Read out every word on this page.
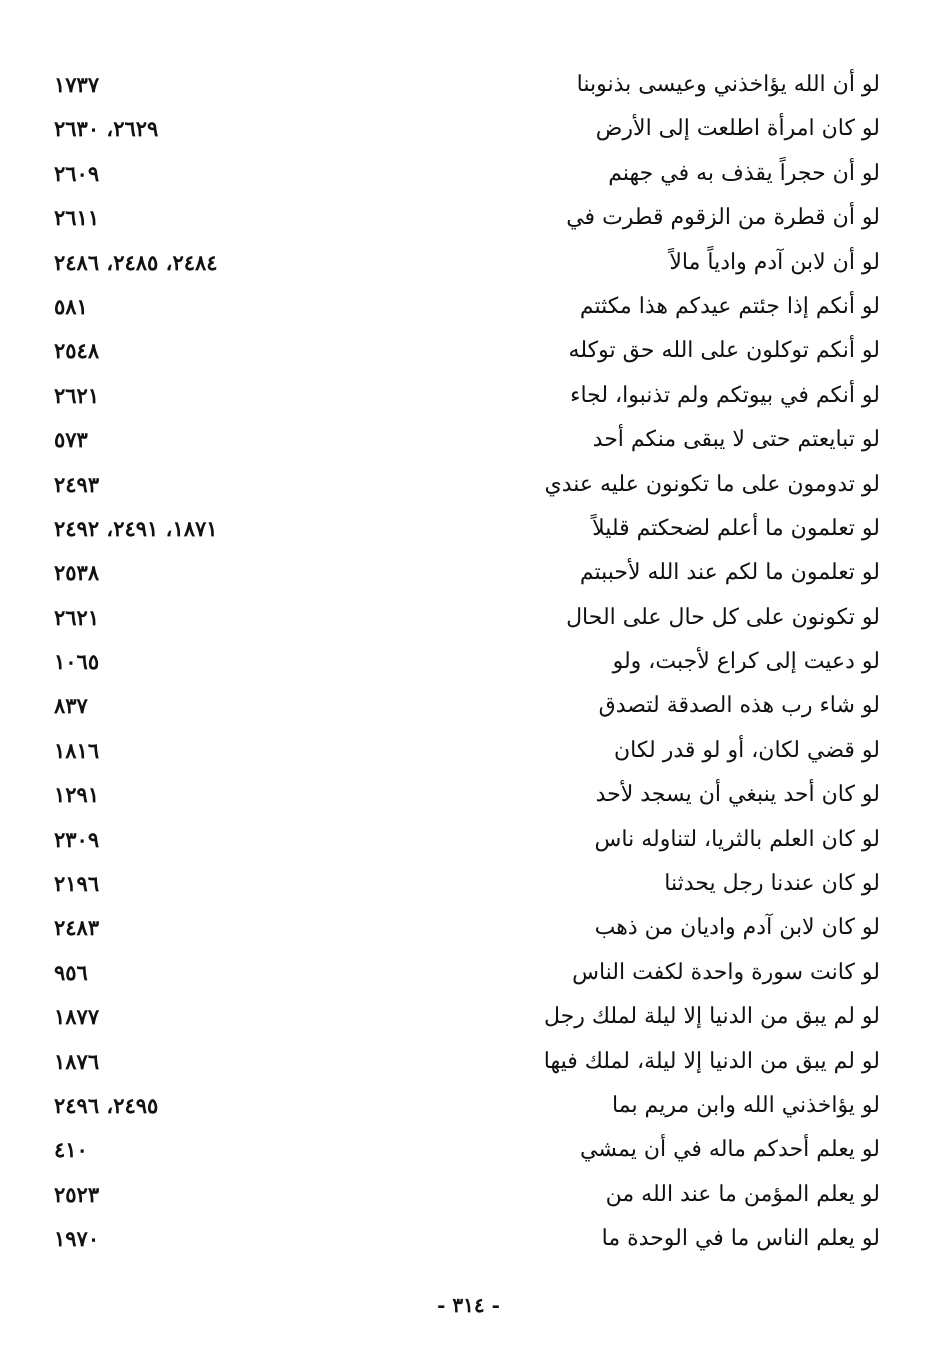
لو أن الله يؤاخذني وعيسى بذنوبنا
١٧٣٧
لو كان امرأة اطلعت إلى الأرض
٢٦٢٩، ٢٦٣٠
لو أن حجراً يقذف به في جهنم
٢٦٠٩
لو أن قطرة من الزقوم قطرت في
٢٦١١
لو أن لابن آدم وادياً مالاً
٢٤٨٤، ٢٤٨٥، ٢٤٨٦
لو أنكم إذا جئتم عيدكم هذا مكثتم
٥٨١
لو أنكم توكلون على الله حق توكله
٢٥٤٨
لو أنكم في بيوتكم ولم تذنبوا، لجاء
٢٦٢١
لو تبايعتم حتى لا يبقى منكم أحد
٥٧٣
لو تدومون على ما تكونون عليه عندي
٢٤٩٣
لو تعلمون ما أعلم لضحكتم قليلاً
١٨٧١، ٢٤٩١، ٢٤٩٢
لو تعلمون ما لكم عند الله لأحببتم
٢٥٣٨
لو تكونون على كل حال على الحال
٢٦٢١
لو دعيت إلى كراع لأجبت، ولو
١٠٦٥
لو شاء رب هذه الصدقة لتصدق
٨٣٧
لو قضي لكان، أو لو قدر لكان
١٨١٦
لو كان أحد ينبغي أن يسجد لأحد
١٢٩١
لو كان العلم بالثريا، لتناوله ناس
٢٣٠٩
لو كان عندنا رجل يحدثنا
٢١٩٦
لو كان لابن آدم واديان من ذهب
٢٤٨٣
لو كانت سورة واحدة لكفت الناس
٩٥٦
لو لم يبق من الدنيا إلا ليلة لملك رجل
١٨٧٧
لو لم يبق من الدنيا إلا ليلة، لملك فيها
١٨٧٦
لو يؤاخذني الله وابن مريم بما
٢٤٩٥، ٢٤٩٦
لو يعلم أحدكم ماله في أن يمشي
٤١٠
لو يعلم المؤمن ما عند الله من
٢٥٢٣
لو يعلم الناس ما في الوحدة ما
١٩٧٠
- ٣١٤ -
